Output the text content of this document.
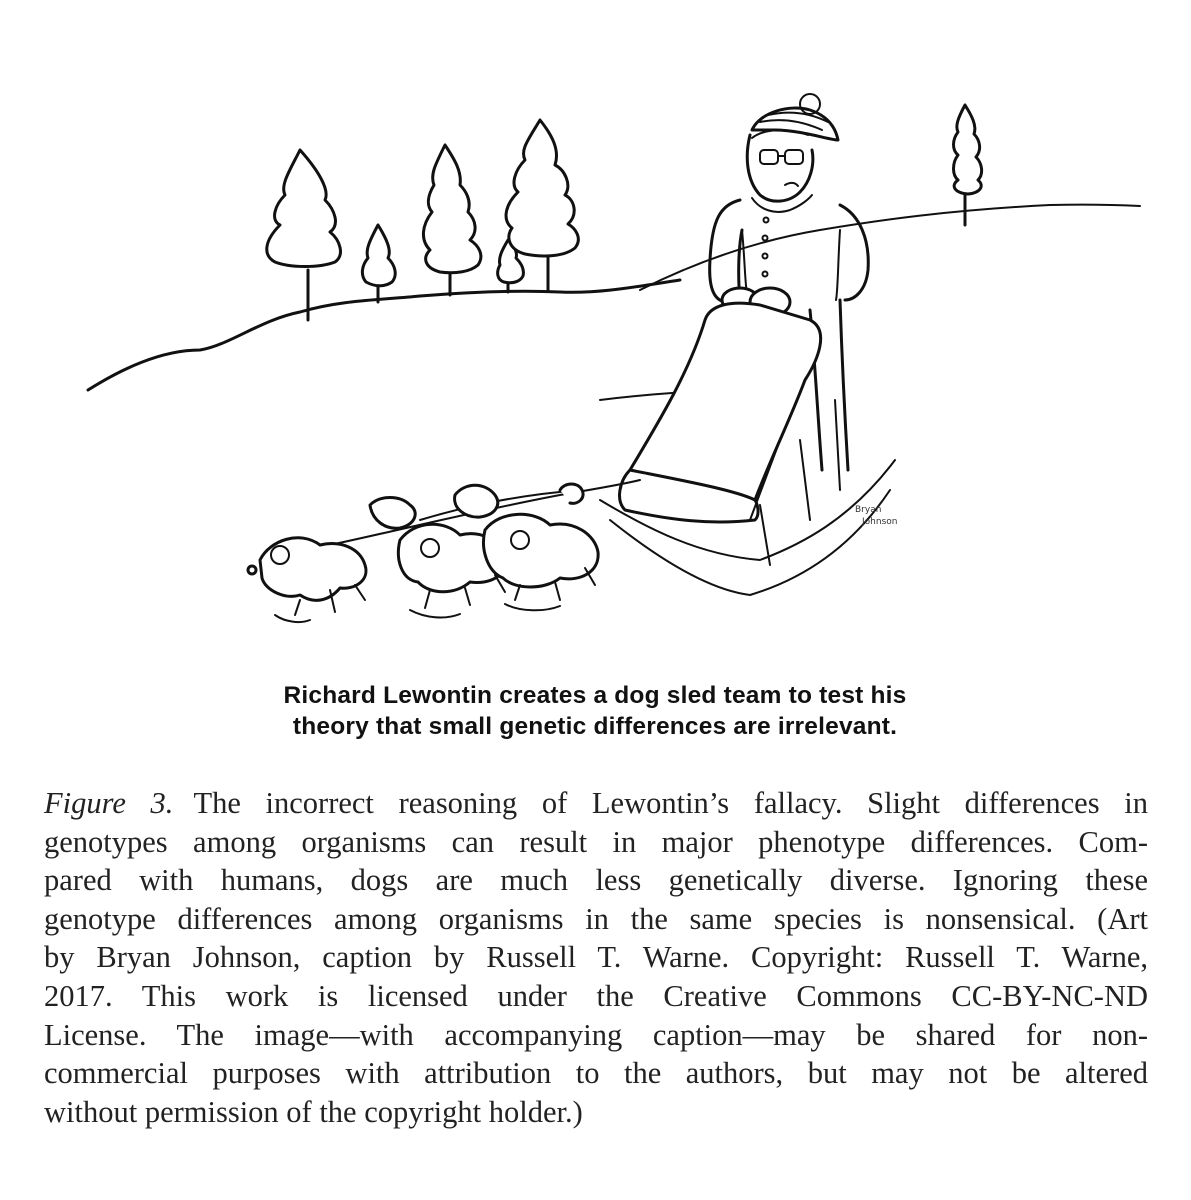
Bryan
Johnson
Richard Lewontin creates a dog sled team to test his
theory that small genetic differences are irrelevant.
Figure 3. The incorrect reasoning of Lewontin’s fallacy. Slight differences in
genotypes among organisms can result in major phenotype differences. Com-
pared with humans, dogs are much less genetically diverse. Ignoring these
genotype differences among organisms in the same species is nonsensical. (Art
by Bryan Johnson, caption by Russell T. Warne. Copyright: Russell T. Warne,
2017. This work is licensed under the Creative Commons CC-BY-NC-ND
License. The image—with accompanying caption—may be shared for non-
commercial purposes with attribution to the authors, but may not be altered
without permission of the copyright holder.)
